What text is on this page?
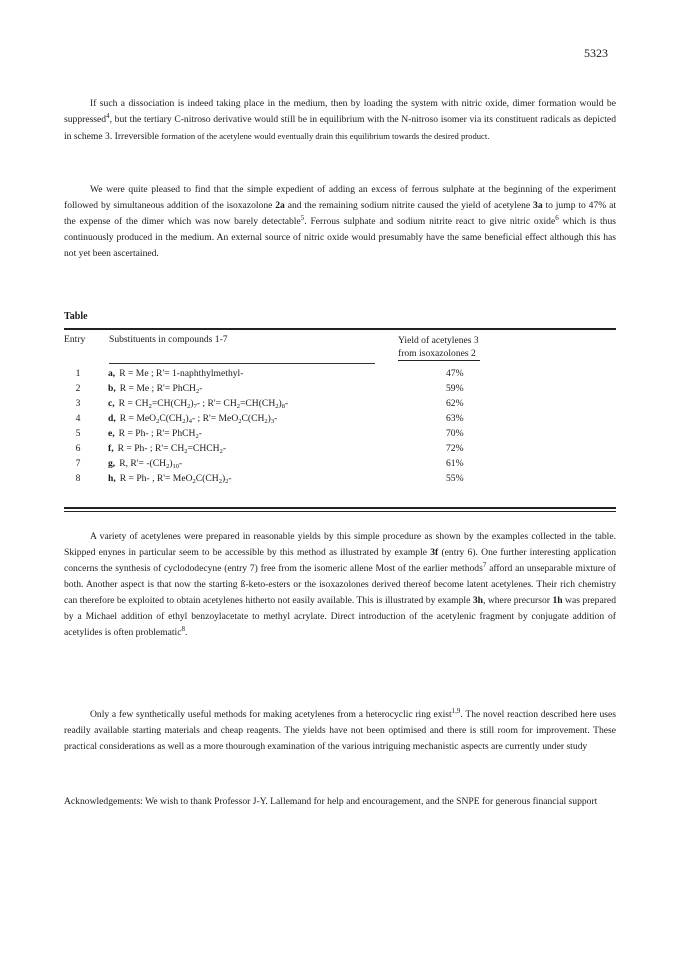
5323

If such a dissociation is indeed taking place in the medium, then by loading the system with nitric oxide, dimer formation would be suppressed$^4$, but the tertiary C-nitroso derivative would still be in equilibrium with the N-nitroso isomer via its constituent radicals as depicted in scheme 3. Irreversible formation of the acetylene would eventually drain this equilibrium towards the desired product.

We were quite pleased to find that the simple expedient of adding an excess of ferrous sulphate at the beginning of the experiment followed by simultaneous addition of the isoxazolone 2a and the remaining sodium nitrite caused the yield of acetylene 3a to jump to 47% at the expense of the dimer which was now barely detectable$^5$. Ferrous sulphate and sodium nitrite react to give nitric oxide$^6$ which is thus continuously produced in the medium. An external source of nitric oxide would presumably have the same beneficial effect although this has not yet been ascertained.

Table
Entry Substituents in compounds 1-7	Yield of acetylenes 3
from isoxazolones 2
1	a, R = Me ; R'= 1-naphthylmethyl-	47%
2	b, R = Me ; R'= PhCH$_2$-	59%
3	c, $R = CH_2=CH(CH_2)_7-$ ; $R'= CH_2=CH(CH_2)_8-$	62%
4	d, $R = MeO_2C(CH_2)_4-$ ; $R'= MeO_2C(CH_2)_3-$	63%
5	e, R = Ph- ; R'= PhCH$_2$-	70%
6	f, R = Ph- ; $R'= CH_2=CHCH_2-$	72%
7	g, R, $R'= -(CH_2)_{10}-$	61%
8	h, R = Ph- , $R'= MeO_2C(CH_2)_2-$	55%

A variety of acetylenes were prepared in reasonable yields by this simple procedure as shown by the examples collected in the table. Skipped enynes in particular seem to be accessible by this method as illustrated by example 3f (entry 6). One further interesting application concerns the synthesis of cyclododecyne (entry 7) free from the isomeric allene Most of the earlier methods$^7$ afford an unseparable mixture of both. Another aspect is that now the starting ß-keto-esters or the isoxazolones derived thereof become latent acetylenes. Their rich chemistry can therefore be exploited to obtain acetylenes hitherto not easily available. This is illustrated by example 3h, where precursor 1h was prepared by a Michael addition of ethyl benzoylacetate to methyl acrylate. Direct introduction of the acetylenic fragment by conjugate addition of acetylides is often problematic$^8$.

Only a few synthetically useful methods for making acetylenes from a heterocyclic ring exist$^{1,9}$. The novel reaction described here uses readily available starting materials and cheap reagents. The yields have not been optimised and there is still room for improvement. These practical considerations as well as a more thourough examination of the various intriguing mechanistic aspects are currently under study

Acknowledgements: We wish to thank Professor J-Y. Lallemand for help and encouragement, and the SNPE for generous financial support
